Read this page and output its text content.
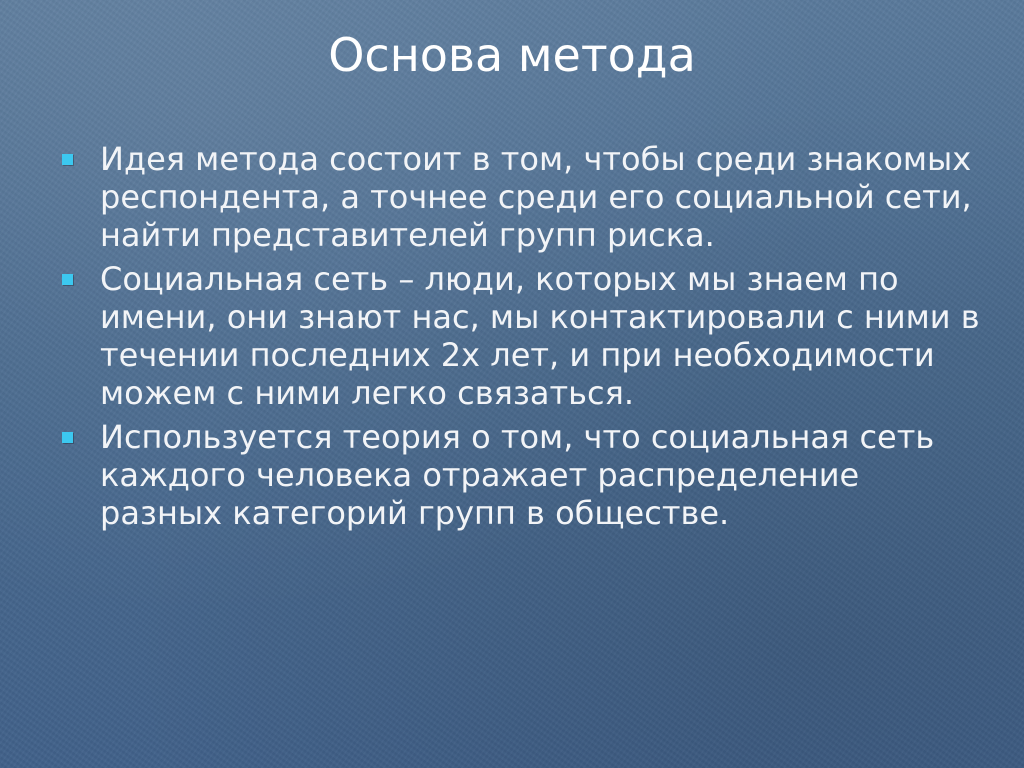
Основа метода
Идея метода состоит в том, чтобы среди знакомых респондента, а точнее среди его социальной сети, найти представителей групп риска.
Социальная сеть – люди, которых мы знаем по имени, они знают нас, мы контактировали с ними в течении последних 2х лет, и при необходимости можем с ними легко связаться.
Используется теория о том, что социальная сеть каждого человека отражает распределение разных категорий групп в обществе.
